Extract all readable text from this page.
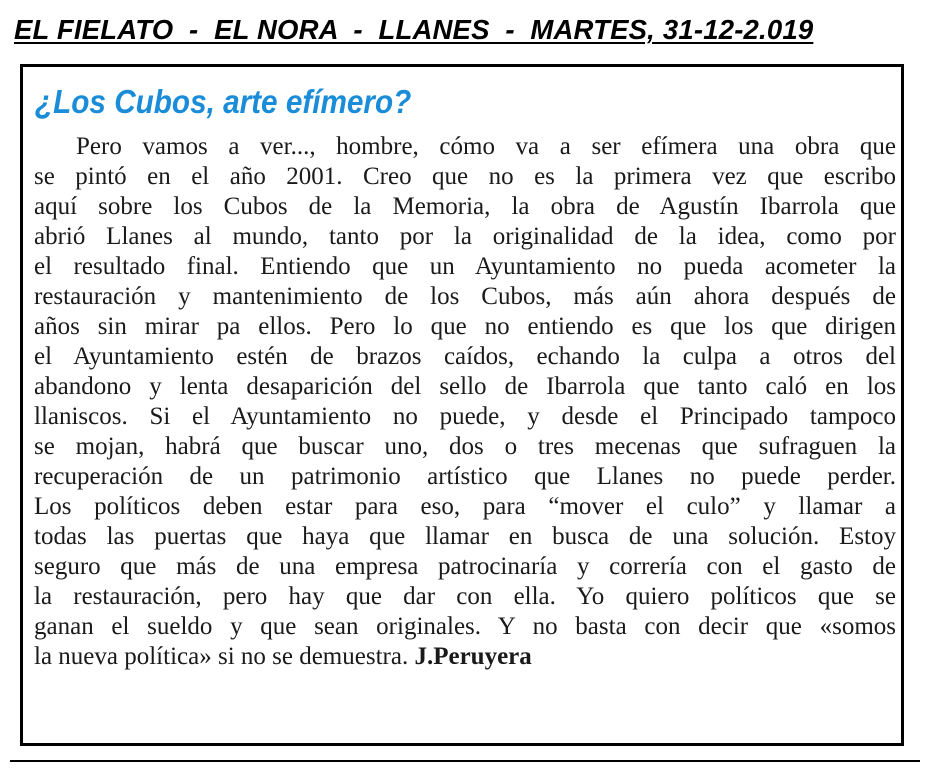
EL FIELATO  -  EL NORA  -  LLANES  -  MARTES, 31-12-2.019
¿Los Cubos, arte efímero?
Pero vamos a ver..., hombre, cómo va a ser efímera una obra que
se pintó en el año 2001. Creo que no es la primera vez que escribo
aquí sobre los Cubos de la Memoria, la obra de Agustín Ibarrola que
abrió Llanes al mundo, tanto por la originalidad de la idea, como por
el resultado final. Entiendo que un Ayuntamiento no pueda acometer la
restauración y mantenimiento de los Cubos, más aún ahora después de
años sin mirar pa ellos. Pero lo que no entiendo es que los que dirigen
el Ayuntamiento estén de brazos caídos, echando la culpa a otros del
abandono y lenta desaparición del sello de Ibarrola que tanto caló en los
llaniscos. Si el Ayuntamiento no puede, y desde el Principado tampoco
se mojan, habrá que buscar uno, dos o tres mecenas que sufraguen la
recuperación de un patrimonio artístico que Llanes no puede perder.
Los políticos deben estar para eso, para “mover el culo” y llamar a
todas las puertas que haya que llamar en busca de una solución. Estoy
seguro que más de una empresa patrocinaría y correría con el gasto de
la restauración, pero hay que dar con ella. Yo quiero políticos que se
ganan el sueldo y que sean originales. Y no basta con decir que «somos
la nueva política» si no se demuestra. J.Peruyera
